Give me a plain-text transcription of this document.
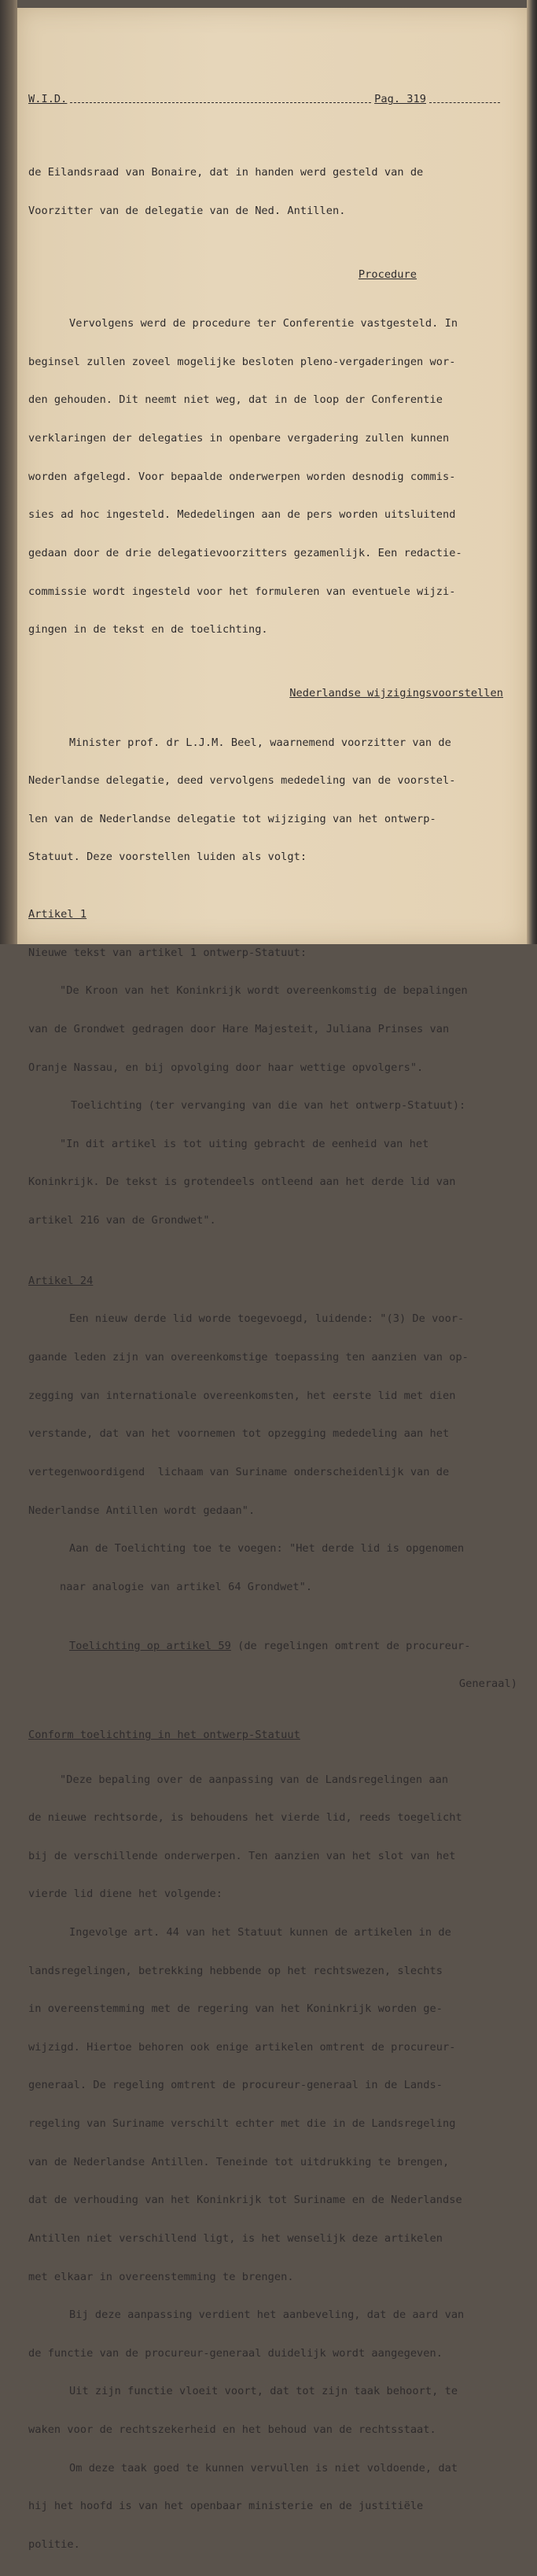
W.I.D.	Pag. 319

de Eilandsraad van Bonaire, dat in handen werd gesteld van de

Voorzitter van de delegatie van de Ned. Antillen.

Procedure

Vervolgens werd de procedure ter Conferentie vastgesteld. In

beginsel zullen zoveel mogelijke besloten pleno-vergaderingen wor-

den gehouden. Dit neemt niet weg, dat in de loop der Conferentie

verklaringen der delegaties in openbare vergadering zullen kunnen

worden afgelegd. Voor bepaalde onderwerpen worden desnodig commis-

sies ad hoc ingesteld. Mededelingen aan de pers worden uitsluitend

gedaan door de drie delegatievoorzitters gezamenlijk. Een redactie-

commissie wordt ingesteld voor het formuleren van eventuele wijzi-

gingen in de tekst en de toelichting.

Nederlandse wijzigingsvoorstellen

Minister prof. dr L.J.M. Beel, waarnemend voorzitter van de

Nederlandse delegatie, deed vervolgens mededeling van de voorstel-

len van de Nederlandse delegatie tot wijziging van het ontwerp-

Statuut. Deze voorstellen luiden als volgt:

Artikel 1

Nieuwe tekst van artikel 1 ontwerp-Statuut:

"De Kroon van het Koninkrijk wordt overeenkomstig de bepalingen

van de Grondwet gedragen door Hare Majesteit, Juliana Prinses van

Oranje Nassau, en bij opvolging door haar wettige opvolgers".

Toelichting (ter vervanging van die van het ontwerp-Statuut):

"In dit artikel is tot uiting gebracht de eenheid van het

Koninkrijk. De tekst is grotendeels ontleend aan het derde lid van

artikel 216 van de Grondwet".

Artikel 24

Een nieuw derde lid worde toegevoegd, luidende: "(3) De voor-

gaande leden zijn van overeenkomstige toepassing ten aanzien van op-

zegging van internationale overeenkomsten, het eerste lid met dien

verstande, dat van het voornemen tot opzegging mededeling aan het

vertegenwoordigend  lichaam van Suriname onderscheidenlijk van de

Nederlandse Antillen wordt gedaan".

Aan de Toelichting toe te voegen: "Het derde lid is opgenomen

naar analogie van artikel 64 Grondwet".

Toelichting op artikel 59 (de regelingen omtrent de procureur-

Generaal)

Conform toelichting in het ontwerp-Statuut

"Deze bepaling over de aanpassing van de Landsregelingen aan

de nieuwe rechtsorde, is behoudens het vierde lid, reeds toegelicht

bij de verschillende onderwerpen. Ten aanzien van het slot van het

vierde lid diene het volgende:

Ingevolge art. 44 van het Statuut kunnen de artikelen in de

landsregelingen, betrekking hebbende op het rechtswezen, slechts

in overeenstemming met de regering van het Koninkrijk worden ge-

wijzigd. Hiertoe behoren ook enige artikelen omtrent de procureur-

generaal. De regeling omtrent de procureur-generaal in de Lands-

regeling van Suriname verschilt echter met die in de Landsregeling

van de Nederlandse Antillen. Teneinde tot uitdrukking te brengen,

dat de verhouding van het Koninkrijk tot Suriname en de Nederlandse

Antillen niet verschillend ligt, is het wenselijk deze artikelen

met elkaar in overeenstemming te brengen.

Bij deze aanpassing verdient het aanbeveling, dat de aard van

de functie van de procureur-generaal duidelijk wordt aangegeven.

Uit zijn functie vloeit voort, dat tot zijn taak behoort, te

waken voor de rechtszekerheid en het behoud van de rechtsstaat.

Om deze taak goed te kunnen vervullen is niet voldoende, dat

hij het hoofd is van het openbaar ministerie en de justitiële

politie.
